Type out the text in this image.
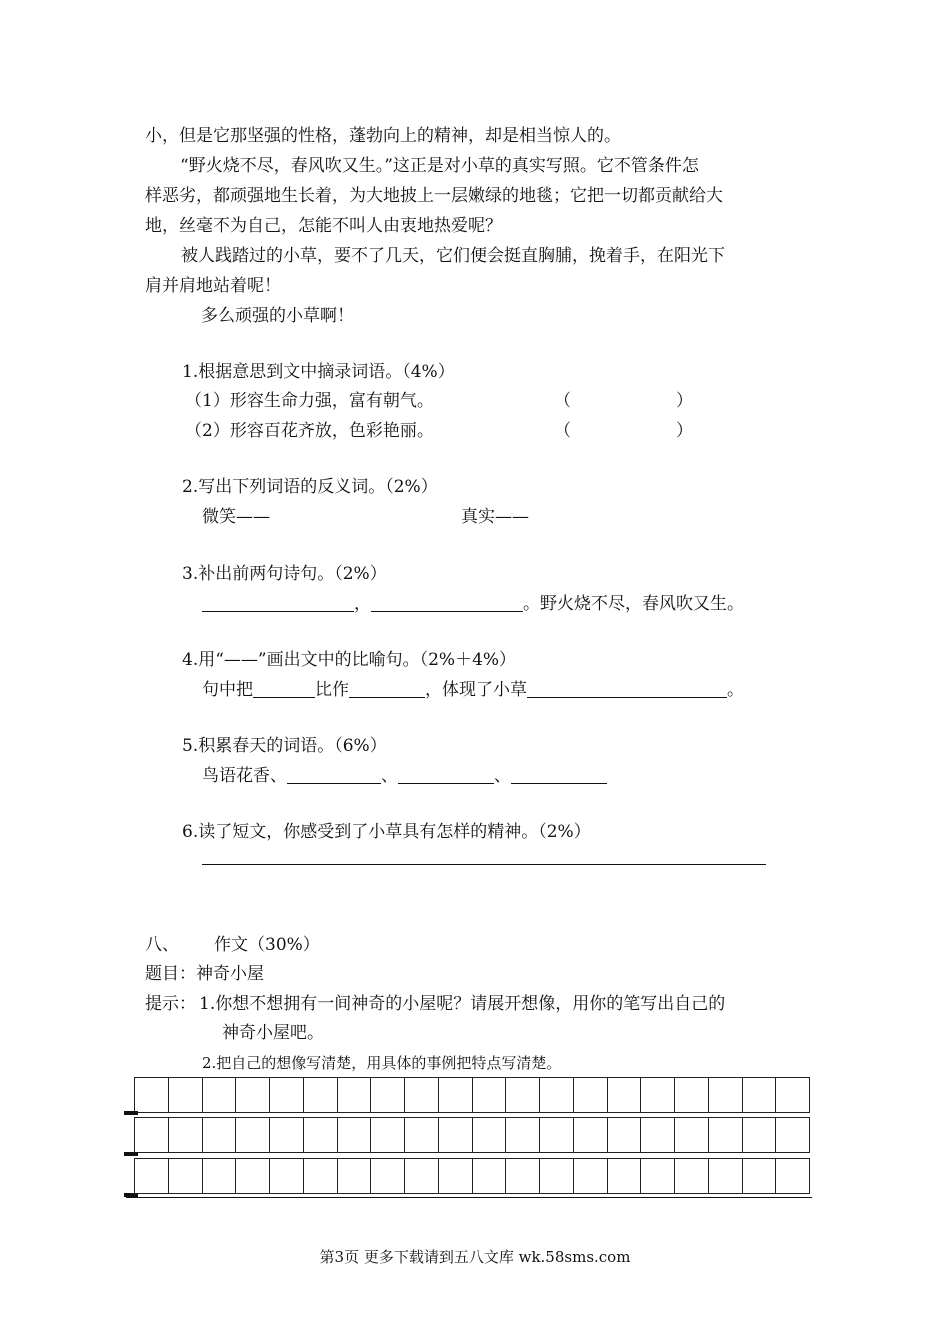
小，但是它那坚强的性格，蓬勃向上的精神，却是相当惊人的。
“野火烧不尽，春风吹又生。”这正是对小草的真实写照。它不管条件怎
样恶劣，都顽强地生长着，为大地披上一层嫩绿的地毯；它把一切都贡献给大
地，丝毫不为自己，怎能不叫人由衷地热爱呢？
被人践踏过的小草，要不了几天，它们便会挺直胸脯，挽着手，在阳光下
肩并肩地站着呢！
多么顽强的小草啊！
1.根据意思到文中摘录词语。（4%）
（1）形容生命力强，富有朝气。	（	）
（2）形容百花齐放，色彩艳丽。	（	）
2.写出下列词语的反义词。（2%）
微笑——	真实——
3.补出前两句诗句。（2%）
，	。野火烧不尽，春风吹又生。
4.用“——”画出文中的比喻句。（2%＋4%）
句中把	比作	，体现了小草	。
5.积累春天的词语。（6%）
鸟语花香、	、	、
6.读了短文，你感受到了小草具有怎样的精神。（2%）
八、 作文（30%）
题目：神奇小屋
提示： 1.你想不想拥有一间神奇的小屋呢？请展开想像，用你的笔写出自己的
神奇小屋吧。
2.把自己的想像写清楚，用具体的事例把特点写清楚。

第3页 更多下载请到五八文库 wk.58sms.com
